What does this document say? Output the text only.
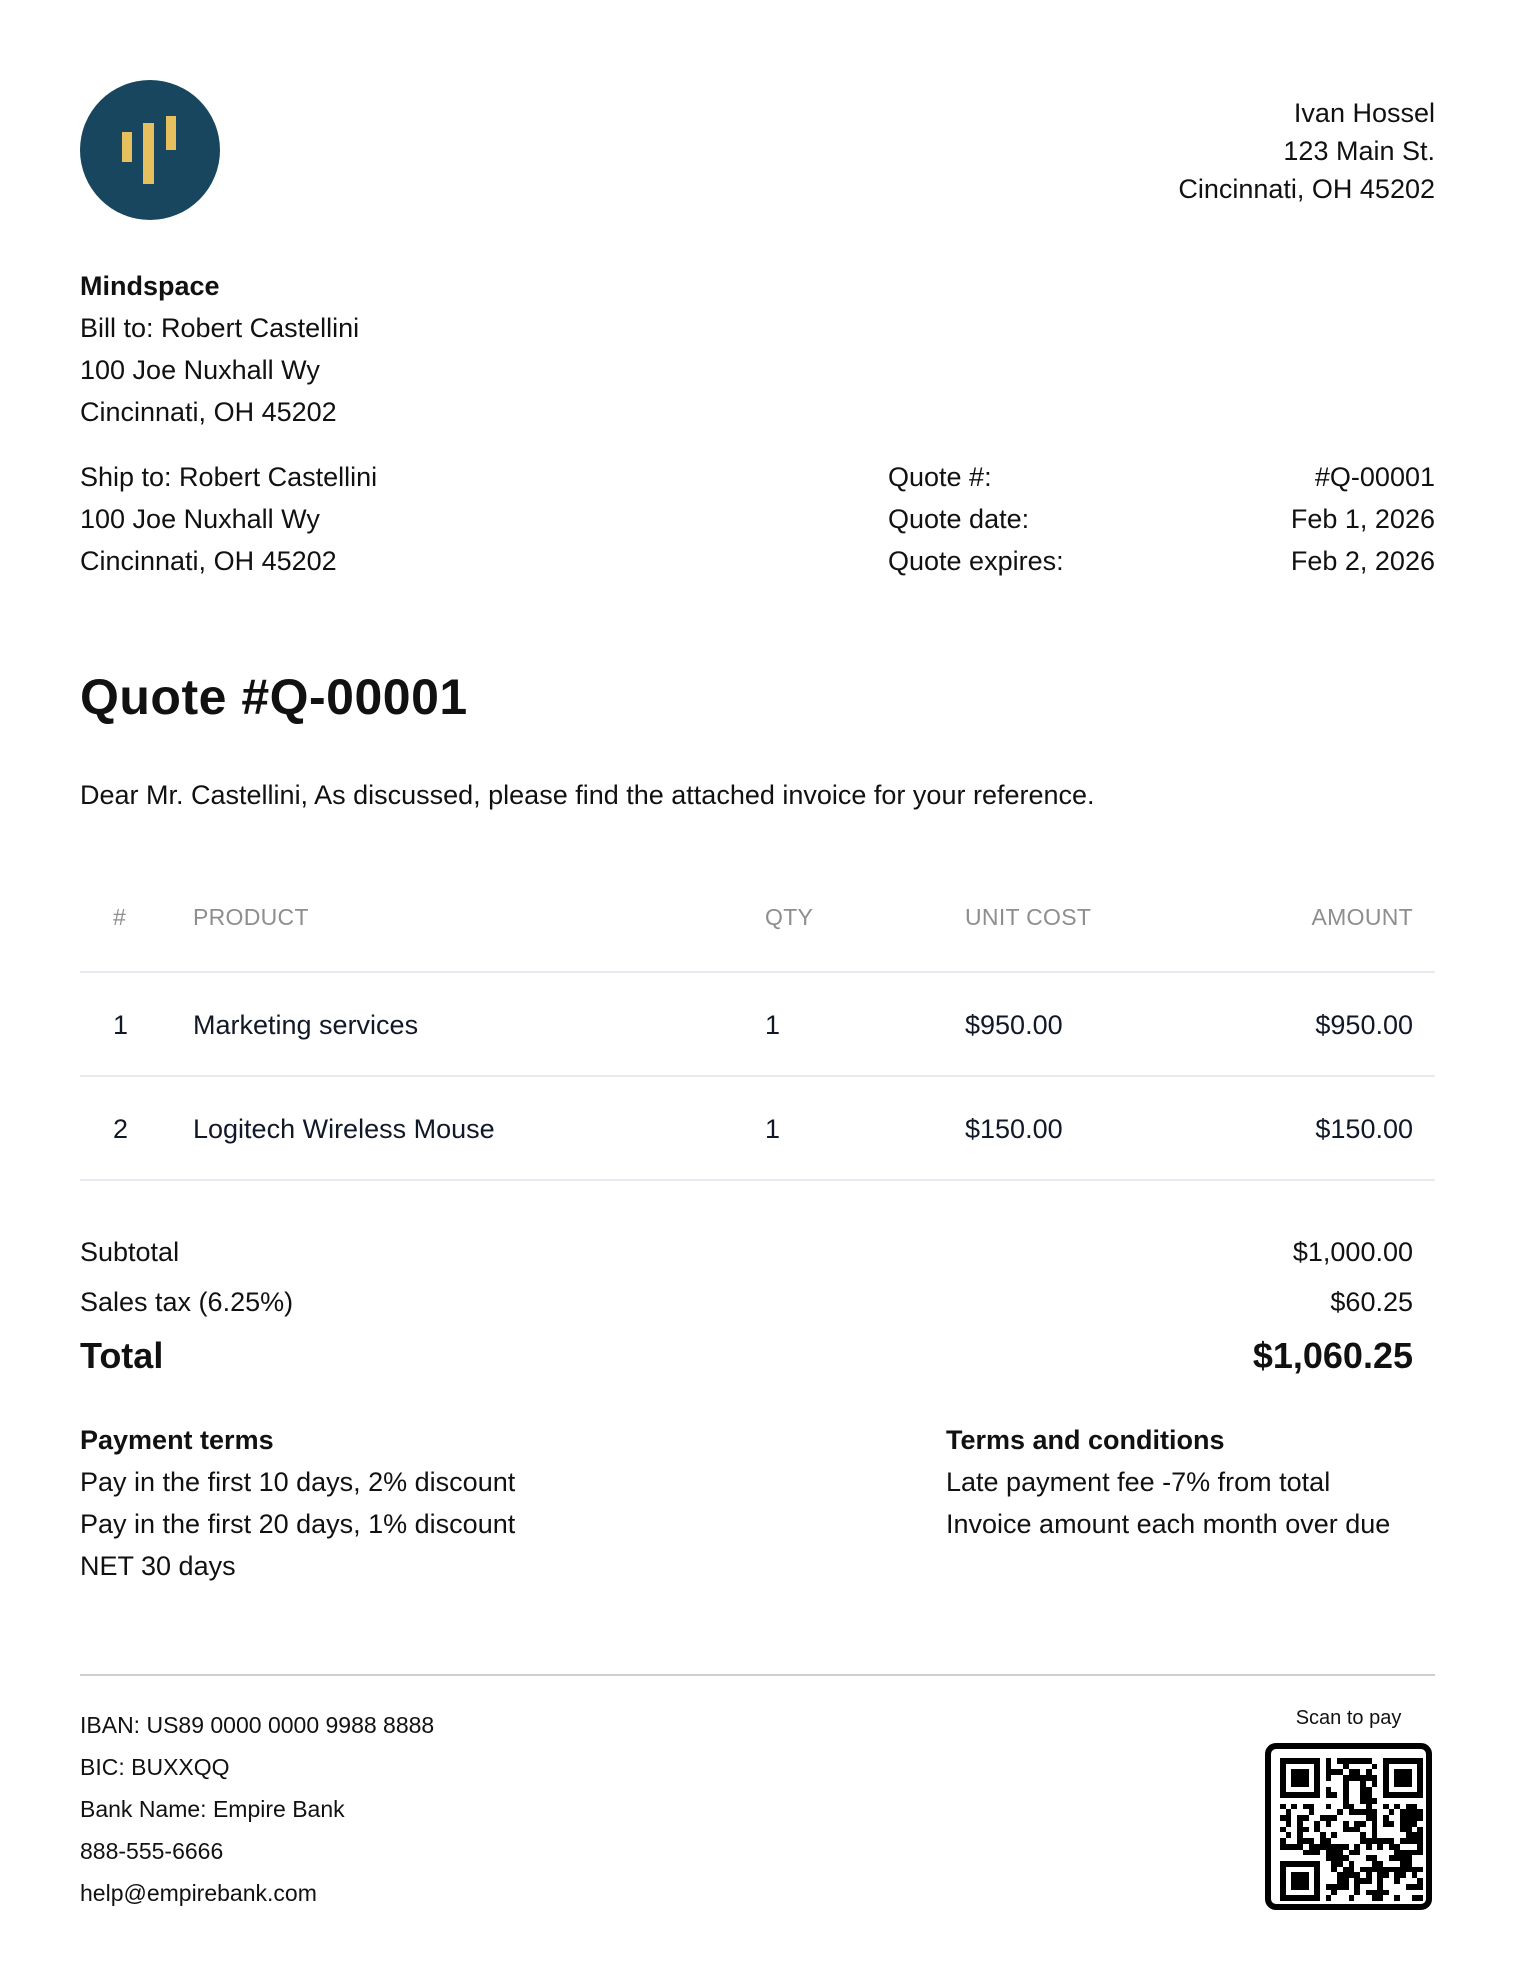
Ivan Hossel
123 Main St.
Cincinnati, OH 45202
Mindspace
Bill to: Robert Castellini
100 Joe Nuxhall Wy
Cincinnati, OH 45202
Ship to: Robert Castellini
100 Joe Nuxhall Wy
Cincinnati, OH 45202
Quote #:	#Q-00001
Quote date:	Feb 1, 2026
Quote expires:	Feb 2, 2026
Quote #Q-00001
Dear Mr. Castellini, As discussed, please find the attached invoice for your reference.
#	PRODUCT	QTY	UNIT COST	AMOUNT
1 Marketing services	1	$950.00	$950.00
2 Logitech Wireless Mouse	1	$150.00	$150.00
Subtotal	$1,000.00
Sales tax (6.25%)	$60.25
Total	$1,060.25
Payment terms
Pay in the first 10 days, 2% discount
Pay in the first 20 days, 1% discount
NET 30 days
Terms and conditions
Late payment fee -7% from total
Invoice amount each month over due
IBAN: US89 0000 0000 9988 8888
BIC: BUXXQQ
Bank Name: Empire Bank
888-555-6666
help@empirebank.com
Scan to pay
